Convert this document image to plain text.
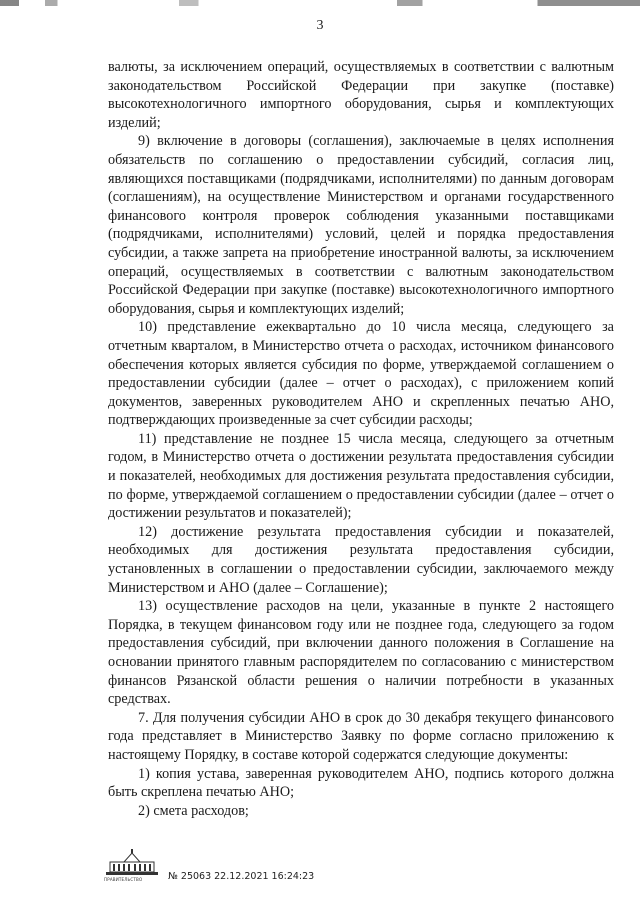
3

валюты, за исключением операций, осуществляемых в соответствии с валютным законодательством Российской Федерации при закупке (поставке) высокотехнологичного импортного оборудования, сырья и комплектующих изделий;

9) включение в договоры (соглашения), заключаемые в целях исполнения обязательств по соглашению о предоставлении субсидий, согласия лиц, являющихся поставщиками (подрядчиками, исполнителями) по данным договорам (соглашениям), на осуществление Министерством и органами государственного финансового контроля проверок соблюдения указанными поставщиками (подрядчиками, исполнителями) условий, целей и порядка предоставления субсидии, а также запрета на приобретение иностранной валюты, за исключением операций, осуществляемых в соответствии с валютным законодательством Российской Федерации при закупке (поставке) высокотехнологичного импортного оборудования, сырья и комплектующих изделий;

10) представление ежеквартально до 10 числа месяца, следующего за отчетным кварталом, в Министерство отчета о расходах, источником финансового обеспечения которых является субсидия по форме, утверждаемой соглашением о предоставлении субсидии (далее – отчет о расходах), с приложением копий документов, заверенных руководителем АНО и скрепленных печатью АНО, подтверждающих произведенные за счет субсидии расходы;

11) представление не позднее 15 числа месяца, следующего за отчетным годом, в Министерство отчета о достижении результата предоставления субсидии и показателей, необходимых для достижения результата предоставления субсидии, по форме, утверждаемой соглашением о предоставлении субсидии (далее – отчет о достижении результатов и показателей);

12) достижение результата предоставления субсидии и показателей, необходимых для достижения результата предоставления субсидии, установленных в соглашении о предоставлении субсидии, заключаемого между Министерством и АНО (далее – Соглашение);

13) осуществление расходов на цели, указанные в пункте 2 настоящего Порядка, в текущем финансовом году или не позднее года, следующего за годом предоставления субсидий, при включении данного положения в Соглашение на основании принятого главным распорядителем по согласованию с министерством финансов Рязанской области решения о наличии потребности в указанных средствах.

7. Для получения субсидии АНО в срок до 30 декабря текущего финансового года представляет в Министерство Заявку по форме согласно приложению к настоящему Порядку, в составе которой содержатся следующие документы:

1) копия устава, заверенная руководителем АНО, подпись которого должна быть скреплена печатью АНО;

2) смета расходов;

ПРАВИТЕЛЬСТВО	№ 25063 22.12.2021 16:24:23
